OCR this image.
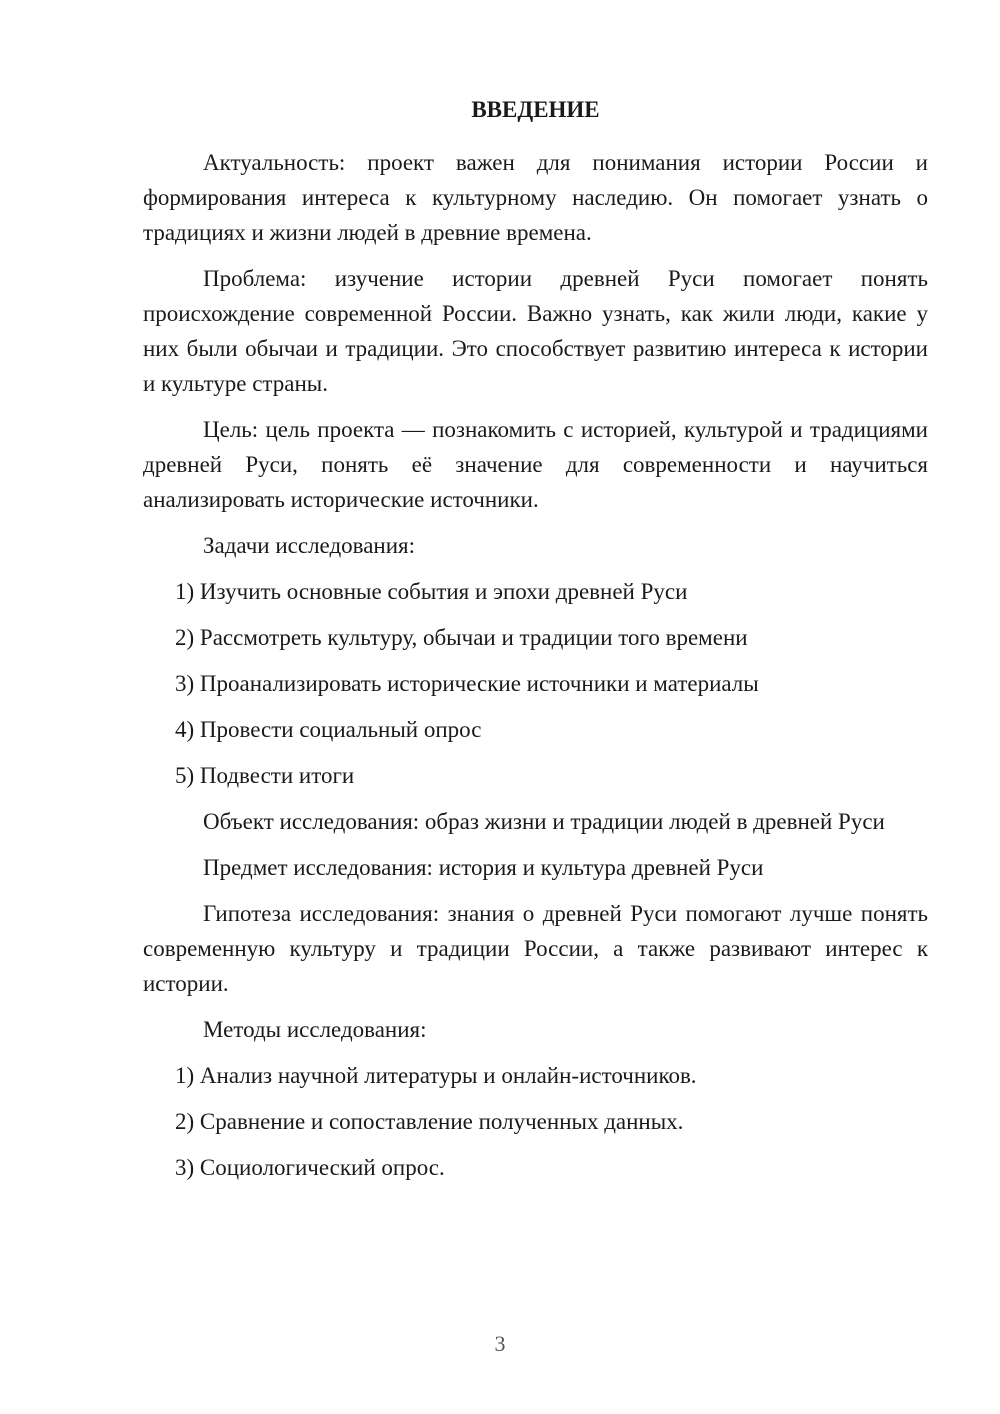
ВВЕДЕНИЕ

Актуальность: проект важен для понимания истории России и формирования интереса к культурному наследию. Он помогает узнать о традициях и жизни людей в древние времена.

Проблема: изучение истории древней Руси помогает понять происхождение современной России. Важно узнать, как жили люди, какие у них были обычаи и традиции. Это способствует развитию интереса к истории и культуре страны.

Цель: цель проекта — познакомить с историей, культурой и традициями древней Руси, понять её значение для современности и научиться анализировать исторические источники.

Задачи исследования:

1) Изучить основные события и эпохи древней Руси
2) Рассмотреть культуру, обычаи и традиции того времени
3) Проанализировать исторические источники и материалы
4) Провести социальный опрос
5) Подвести итоги

Объект исследования: образ жизни и традиции людей в древней Руси

Предмет исследования: история и культура древней Руси

Гипотеза исследования: знания о древней Руси помогают лучше понять современную культуру и традиции России, а также развивают интерес к истории.

Методы исследования:

1) Анализ научной литературы и онлайн-источников.
2) Сравнение и сопоставление полученных данных.
3) Социологический опрос.
3
